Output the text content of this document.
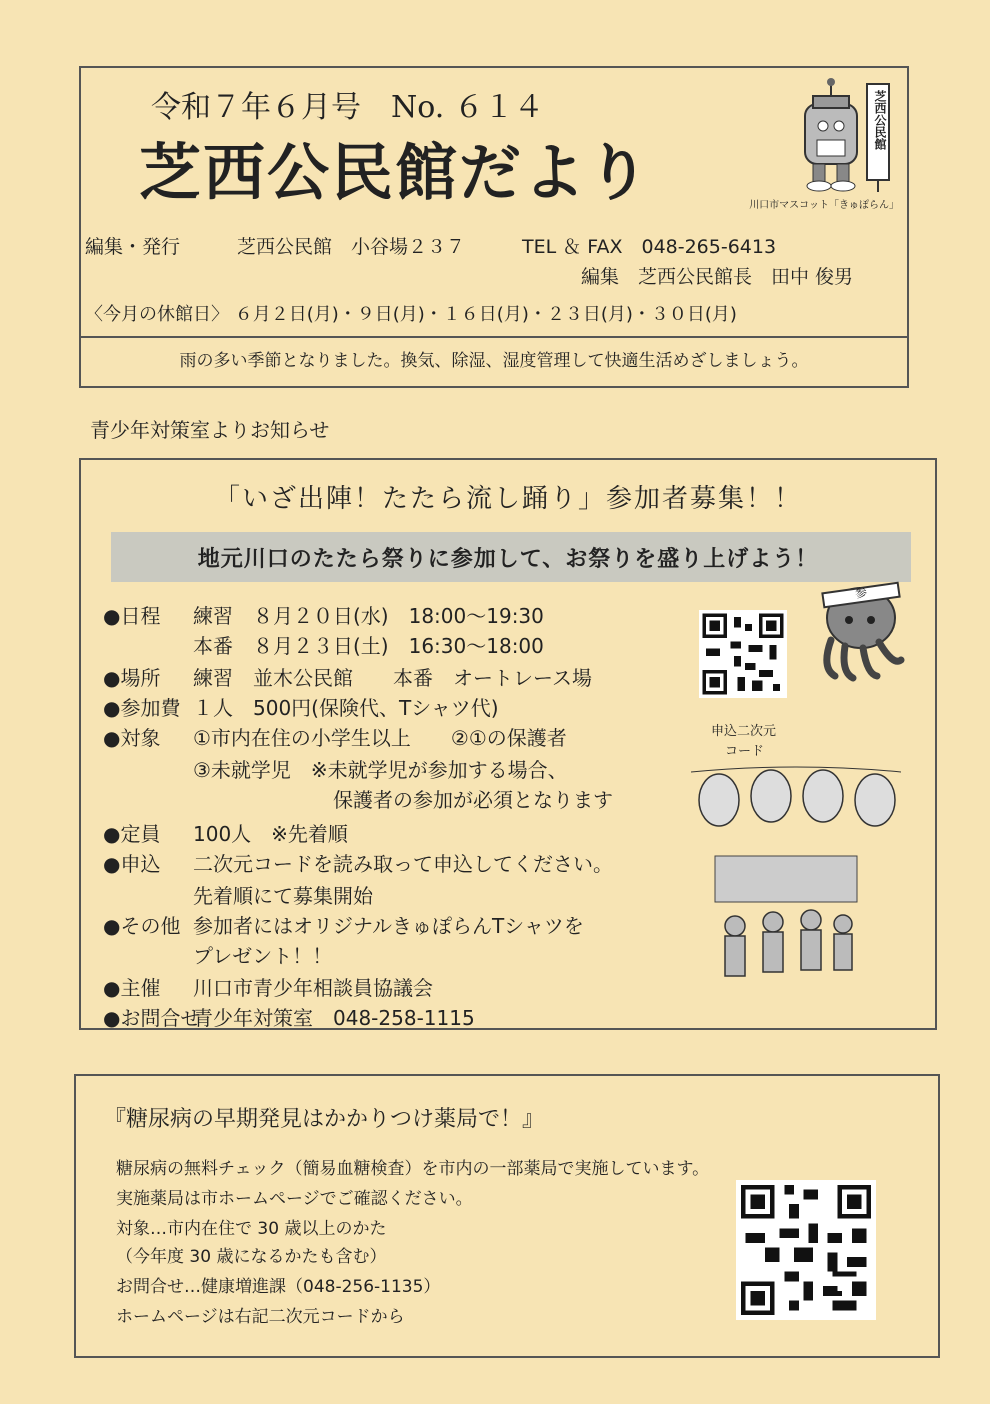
令和７年６月号　No. ６１４
芝西公民館だより
編集・発行　　　芝西公民館　小谷場２３７　　　TEL ＆ FAX　048-265-6413
編集　芝西公民館長　田中 俊男
〈今月の休館日〉 ６月２日(月)・９日(月)・１６日(月)・２３日(月)・３０日(月)
雨の多い季節となりました。換気、除湿、湿度管理して快適生活めざしましょう。
芝西公民館
川口市マスコット「きゅぽらん」
青少年対策室よりお知らせ
「いざ出陣！たたら流し踊り」参加者募集！！
地元川口のたたら祭りに参加して、お祭りを盛り上げよう！
●日程 練習　８月２０日(水)　18:00～19:30
本番　８月２３日(土)　16:30～18:00
●場所 練習　並木公民館　　本番　オートレース場
●参加費 １人　500円(保険代、Tシャツ代)
●対象 ①市内在住の小学生以上　　②①の保護者
③未就学児　※未就学児が参加する場合、
　　　　保護者の参加が必須となります
●定員 100人　※先着順
●申込 二次元コードを読み取って申込してください。
先着順にて募集開始
●その他 参加者にはオリジナルきゅぽらんTシャツを
プレゼント！！
●主催 川口市青少年相談員協議会
●お問合せ青少年対策室　048-258-1115
申込二次元
コード
参
『糖尿病の早期発見はかかりつけ薬局で！』
糖尿病の無料チェック（簡易血糖検査）を市内の一部薬局で実施しています。
実施薬局は市ホームページでご確認ください。
対象…市内在住で 30 歳以上のかた
（今年度 30 歳になるかたも含む）
お問合せ…健康増進課（048-256-1135）
ホームページは右記二次元コードから
